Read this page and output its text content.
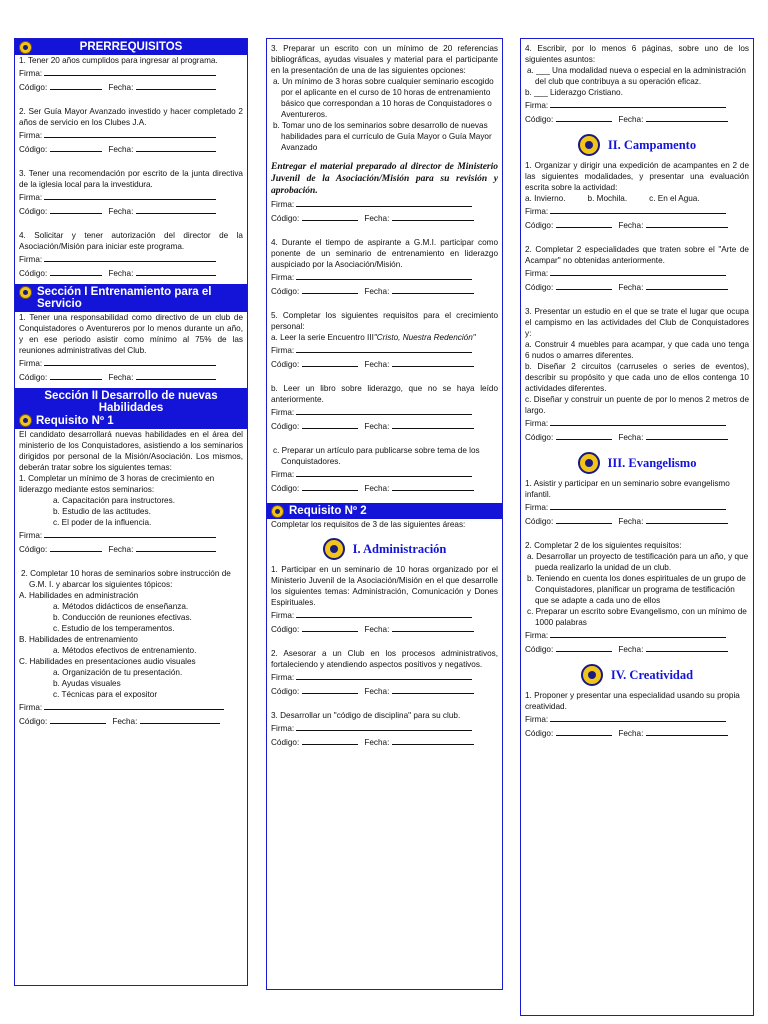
PRERREQUISITOS
1. Tener 20 años cumplidos para ingresar al programa.
Firma:
Código:	Fecha:
2. Ser Guía Mayor Avanzado investido y hacer completado 2 años de servicio en los Clubes J.A.
Firma:
Código:	Fecha:
3. Tener una recomendación por escrito de la junta directiva de la iglesia local para la investidura.
Firma:
Código:	Fecha:
4. Solicitar y tener autorización del director de la Asociación/Misión para iniciar este programa.
Firma:
Código:	Fecha:
Sección I Entrenamiento para el Servicio
1. Tener una responsabilidad como directivo de un club de Conquistadores o Aventureros por lo menos durante un año, y en ese periodo asistir como mínimo al 75% de las reuniones administrativas del Club.
Firma:
Código:	Fecha:
Sección II Desarrollo de nuevas Habilidades
Requisito Nº 1
El candidato desarrollará nuevas habilidades en el área del ministerio de los Conquistadores, asistiendo a los seminarios dirigidos por personal de la Misión/Asociación. Los mismos, deberán tratar sobre los siguientes temas:
1. Completar un mínimo de 3 horas de crecimiento en liderazgo mediante estos seminarios:
a. Capacitación para instructores.
b. Estudio de las actitudes.
c. El poder de la influencia.
Firma:
Código:	Fecha:
2. Completar 10 horas de seminarios sobre instrucción de G.M. I. y abarcar los siguientes tópicos:
A. Habilidades en administración
a. Métodos didácticos de enseñanza.
b. Conducción de reuniones efectivas.
c. Estudio de los temperamentos.
B. Habilidades de entrenamiento
a. Métodos efectivos de entrenamiento.
C. Habilidades en presentaciones audio visuales
a. Organización de tu presentación.
b. Ayudas visuales
c. Técnicas para el expositor
Firma:
Código:	Fecha:
3. Preparar un escrito con un mínimo de 20 referencias bibliográficas, ayudas visuales y material para el participante en la presentación de una de las siguientes opciones:
a. Un mínimo de 3 horas sobre cualquier seminario escogido por el aplicante en el curso de 10 horas de entrenamiento básico que correspondan a 10 horas de Conquistadores o Aventureros.
b. Tomar uno de los seminarios sobre desarrollo de nuevas habilidades para el currículo de Guía Mayor o Guía Mayor Avanzado
Entregar el material preparado al director de Ministerio Juvenil de la Asociación/Misión para su revisión y aprobación.
Firma:
Código:	Fecha:
4. Durante el tiempo de aspirante a G.M.I. participar como ponente de un seminario de entrenamiento en liderazgo auspiciado por la Asociación/Misión.
Firma:
Código:	Fecha:
5. Completar los siguientes requisitos para el crecimiento personal:
a. Leer la serie Encuentro III"Cristo, Nuestra Redención"
Firma:
Código:	Fecha:
b. Leer un libro sobre liderazgo, que no se haya leído anteriormente.
Firma:
Código:	Fecha:
c. Preparar un artículo para publicarse sobre tema de los Conquistadores.
Firma:
Código:	Fecha:
Requisito Nº 2
Completar los requisitos de 3 de las siguientes áreas:
I. Administración
1. Participar en un seminario de 10 horas organizado por el Ministerio Juvenil de la Asociación/Misión en el que desarrolle los siguientes temas: Administración, Comunicación y Dones Espirituales.
Firma:
Código:	Fecha:
2. Asesorar a un Club en los procesos administrativos, fortaleciendo y atendiendo aspectos positivos y negativos.
Firma:
Código:	Fecha:
3. Desarrollar un "código de disciplina" para su club.
Firma:
Código:	Fecha:
4. Escribir, por lo menos 6 páginas, sobre uno de los siguientes asuntos:
a. ___ Una modalidad nueva o especial en la administración del club que contribuya a su operación eficaz.
b. ___ Liderazgo Cristiano.
Firma:
Código:	Fecha:
II. Campamento
1. Organizar y dirigir una expedición de acampantes en 2 de las siguientes modalidades, y presentar una evaluación escrita sobre la actividad:
a. Invierno.	b. Mochila.	c. En el Agua.
Firma:
Código:	Fecha:
2. Completar 2 especialidades que traten sobre el "Arte de Acampar" no obtenidas anteriormente.
Firma:
Código:	Fecha:
3. Presentar un estudio en el que se trate el lugar que ocupa el campismo en las actividades del Club de Conquistadores y:
a. Construir 4 muebles para acampar, y que cada uno tenga 6 nudos o amarres diferentes.
b. Diseñar 2 circuitos (carruseles o series de eventos), describir su propósito y que cada uno de ellos contenga 10 actividades diferentes.
c. Diseñar y construir un puente de por lo menos 2 metros de largo.
Firma:
Código:	Fecha:
III. Evangelismo
1. Asistir y participar en un seminario sobre evangelismo infantil.
Firma:
Código:	Fecha:
2. Completar 2 de los siguientes requisitos:
a. Desarrollar un proyecto de testificación para un año, y que pueda realizarlo la unidad de un club.
b. Teniendo en cuenta los dones espirituales de un grupo de Conquistadores, planificar un programa de testificación que se adapte a cada uno de ellos
c. Preparar un escrito sobre Evangelismo, con un mínimo de 1000 palabras
Firma:
Código:	Fecha:
IV. Creatividad
1. Proponer y presentar una especialidad usando su propia creatividad.
Firma:
Código:	Fecha:
